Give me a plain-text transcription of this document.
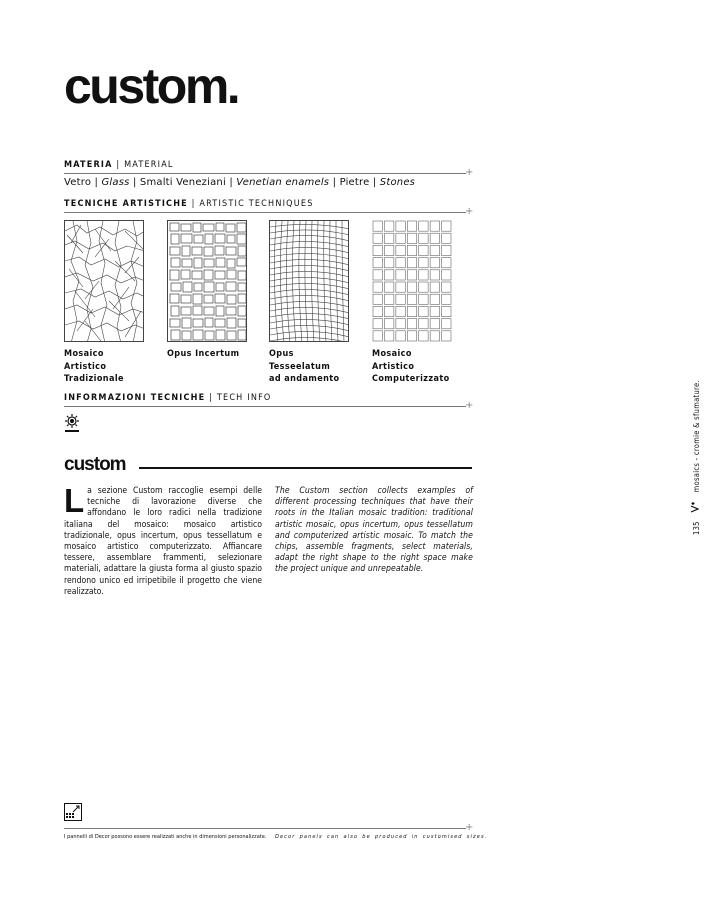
custom.
MATERIA | MATERIAL
+
Vetro | Glass | Smalti Veneziani | Venetian enamels | Pietre | Stones
TECNICHE ARTISTICHE | ARTISTIC TECHNIQUES
+
Mosaico
Artistico
Tradizionale
Opus Incertum	Opus
Tesseelatum
ad andamento
Mosaico
Artistico
Computerizzato
INFORMAZIONI TECNICHE | TECH INFO
+
custom
La sezione Custom raccoglie esempi delle tecniche di lavorazione diverse che affondano le loro radici nella tradizione italiana del mosaico: mosaico artistico tradizionale, opus incertum, opus tessellatum e mosaico artistico computerizzato. Affiancare tessere, assemblare frammenti, selezionare materiali, adattare la giusta forma al giusto spazio rendono unico ed irripetibile il progetto che viene realizzato.
The Custom section collects examples of different processing techniques that have their roots in the Italian mosaic tradition: traditional artistic mosaic, opus incertum, opus tessellatum and computerized artistic mosaic. To match the chips, assemble fragments, select materials, adapt the right shape to the right space make the project unique and unrepeatable.
135  mosaics - cromie & sfumature.
+
I pannelli di Decor possono essere realizzati anche in dimensioni personalizzate. Decor panels can also be produced in customised sizes.
